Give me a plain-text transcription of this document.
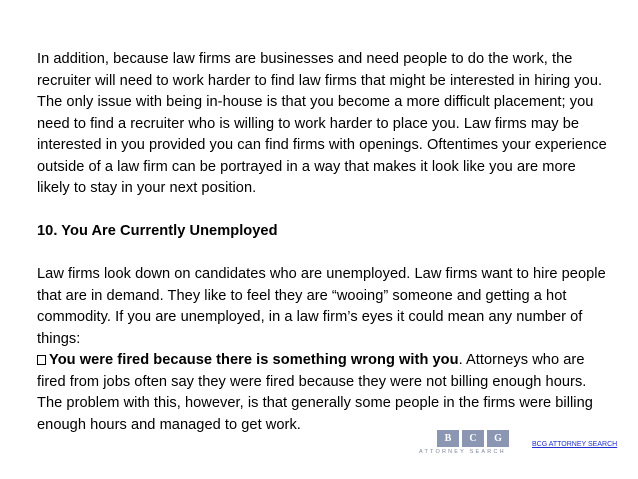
In addition, because law firms are businesses and need people to do the work, the recruiter will need to work harder to find law firms that might be interested in hiring you. The only issue with being in-house is that you become a more difficult placement; you need to find a recruiter who is willing to work harder to place you. Law firms may be interested in you provided you can find firms with openings. Oftentimes your experience outside of a law firm can be portrayed in a way that makes it look like you are more likely to stay in your next position.

10. You Are Currently Unemployed

Law firms look down on candidates who are unemployed. Law firms want to hire people that are in demand. They like to feel they are “wooing” someone and getting a hot commodity. If you are unemployed, in a law firm’s eyes it could mean any number of things:

You were fired because there is something wrong with you. Attorneys who are fired from jobs often say they were fired because they were not billing enough hours. The problem with this, however, is that generally some people in the firms were billing enough hours and managed to get work.

B	C	G
ATTORNEY SEARCH
BCG ATTORNEY SEARCH
